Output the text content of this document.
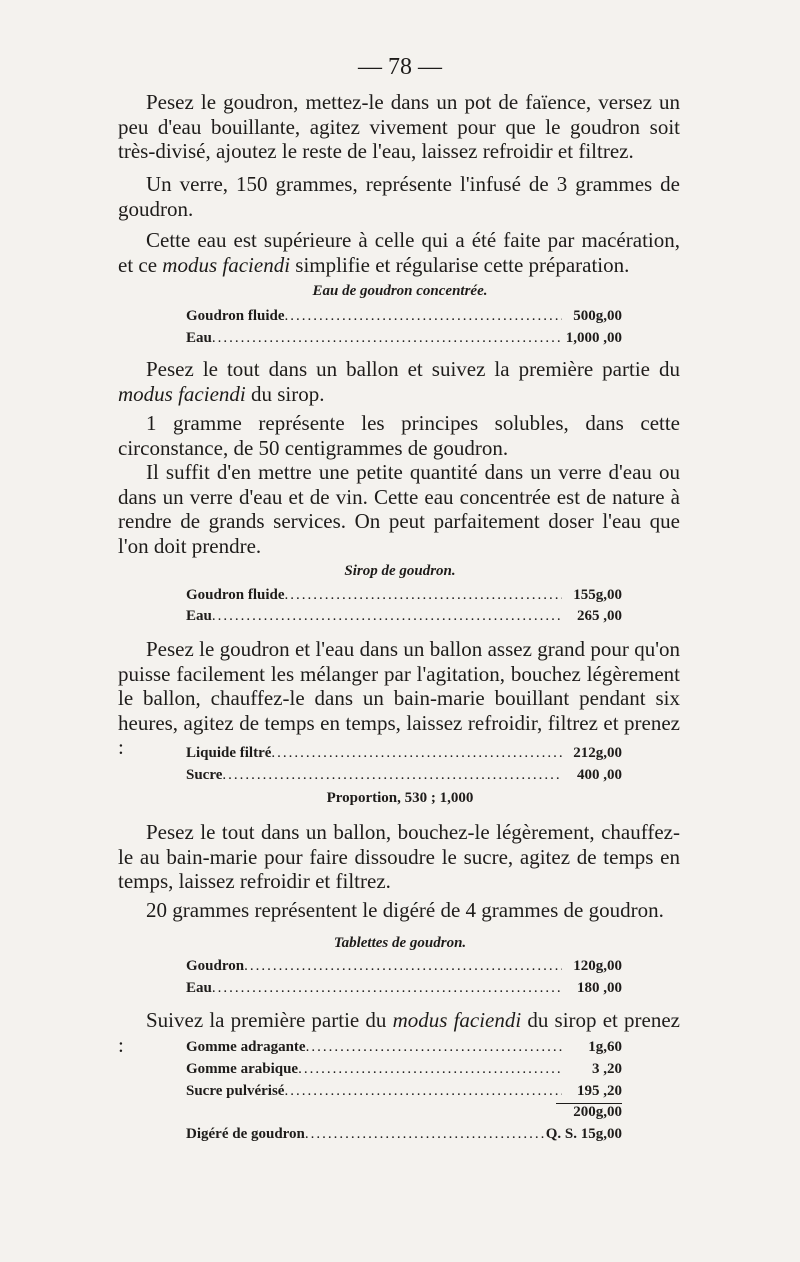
— 78 —

Pesez le goudron, mettez-le dans un pot de faïence, versez un peu d'eau bouillante, agitez vivement pour que le goudron soit très-divisé, ajoutez le reste de l'eau, laissez refroidir et filtrez.

Un verre, 150 grammes, représente l'infusé de 3 grammes de goudron.

Cette eau est supérieure à celle qui a été faite par macération, et ce modus faciendi simplifie et régularise cette préparation.

Eau de goudron concentrée.
Goudron fluide .....	500g,00
Eau .....	1,000 ,00

Pesez le tout dans un ballon et suivez la première partie du modus faciendi du sirop.

1 gramme représente les principes solubles, dans cette circonstance, de 50 centigrammes de goudron.

Il suffit d'en mettre une petite quantité dans un verre d'eau ou dans un verre d'eau et de vin. Cette eau concentrée est de nature à rendre de grands services. On peut parfaitement doser l'eau que l'on doit prendre.

Sirop de goudron.
Goudron fluide .....	155g,00
Eau .....	265 ,00

Pesez le goudron et l'eau dans un ballon assez grand pour qu'on puisse facilement les mélanger par l'agitation, bouchez légèrement le ballon, chauffez-le dans un bain-marie bouillant pendant six heures, agitez de temps en temps, laissez refroidir, filtrez et prenez :	Liquide filtré .....	212g,00
Sucre .....	400 ,00
Proportion, 530 ; 1,000

Pesez le tout dans un ballon, bouchez-le légèrement, chauffez-le au bain-marie pour faire dissoudre le sucre, agitez de temps en temps, laissez refroidir et filtrez.

20 grammes représentent le digéré de 4 grammes de goudron.

Tablettes de goudron.
Goudron .....	120g,00
Eau .....	180 ,00

Suivez la première partie du modus faciendi du sirop et prenez :	Gomme adragante .....	1g,60
Gomme arabique .....	3 ,20
Sucre pulvérisé .....	195 ,20
200g,00
Digéré de goudron .....	Q. S. 15g,00
